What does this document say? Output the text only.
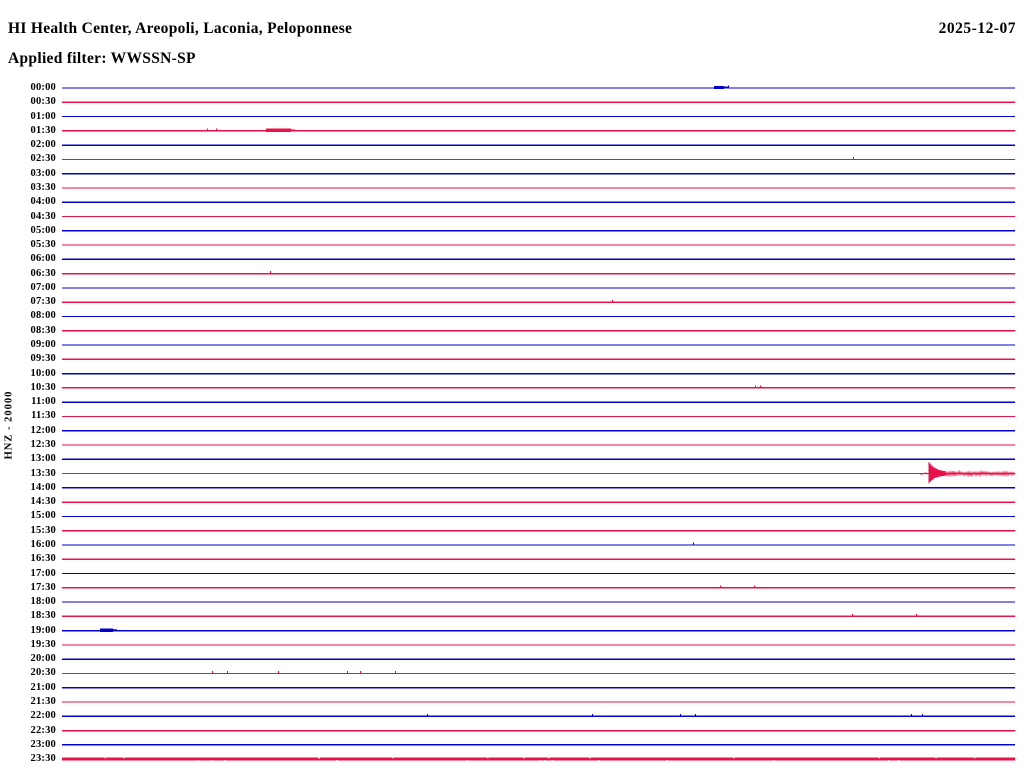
HI Health Center, Areopoli, Laconia, Peloponnese	2025-12-07
Applied filter: WWSSN-SP
HNZ - 20000
00:00
00:30
01:00
01:30
02:00
02:30
03:00
03:30
04:00
04:30
05:00
05:30
06:00
06:30
07:00
07:30
08:00
08:30
09:00
09:30
10:00
10:30
11:00
11:30
12:00
12:30
13:00
13:30
14:00
14:30
15:00
15:30
16:00
16:30
17:00
17:30
18:00
18:30
19:00
19:30
20:00
20:30
21:00
21:30
22:00
22:30
23:00
23:30
